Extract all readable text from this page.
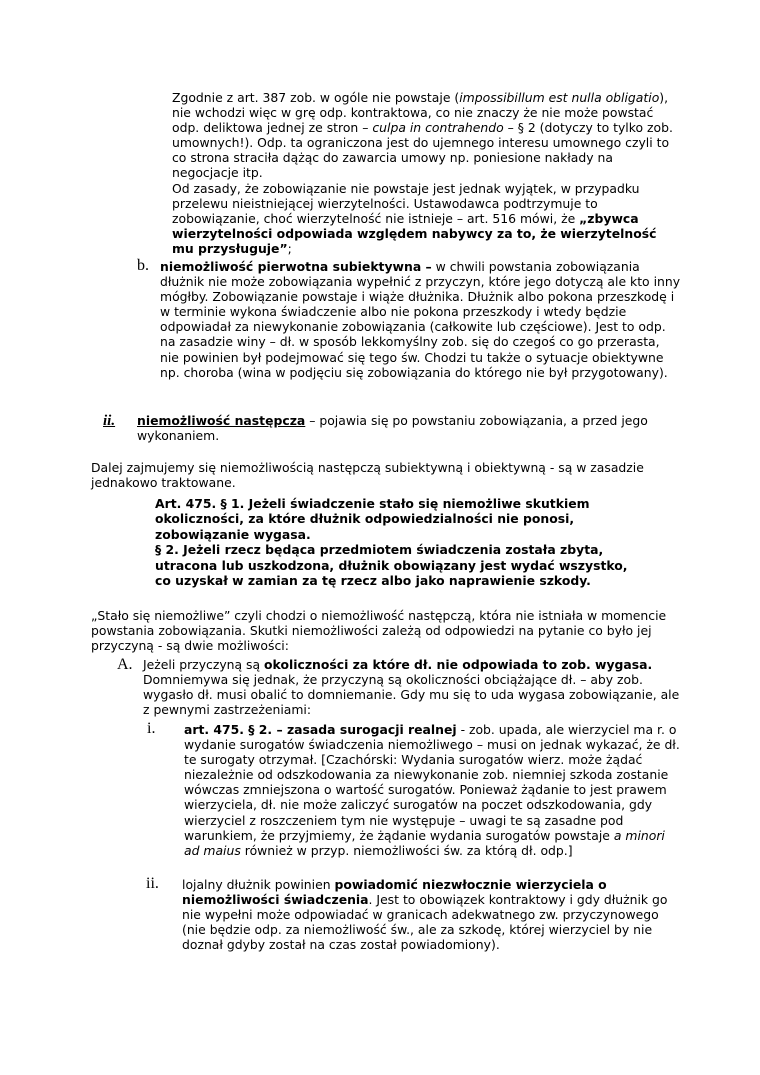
Zgodnie z art. 387 zob. w ogóle nie powstaje (impossibillum est nulla obligatio), nie wchodzi więc w grę odp. kontraktowa, co nie znaczy że nie może powstać odp. deliktowa jednej ze stron – culpa in contrahendo – § 2 (dotyczy to tylko zob. umownych!). Odp. ta ograniczona jest do ujemnego interesu umownego czyli to co strona straciła dążąc do zawarcia umowy np. poniesione nakłady na negocjacje itp.

Od zasady, że zobowiązanie nie powstaje jest jednak wyjątek, w przypadku przelewu nieistniejącej wierzytelności. Ustawodawca podtrzymuje to zobowiązanie, choć wierzytelność nie istnieje – art. 516 mówi, że „zbywca wierzytelności odpowiada względem nabywcy za to, że wierzytelność mu przysługuje”;

b. niemożliwość pierwotna subiektywna – w chwili powstania zobowiązania dłużnik nie może zobowiązania wypełnić z przyczyn, które jego dotyczą ale kto inny mógłby. Zobowiązanie powstaje i wiąże dłużnika. Dłużnik albo pokona przeszkodę i w terminie wykona świadczenie albo nie pokona przeszkody i wtedy będzie odpowiadał za niewykonanie zobowiązania (całkowite lub częściowe). Jest to odp. na zasadzie winy – dł. w sposób lekkomyślny zob. się do czegoś co go przerasta, nie powinien był podejmować się tego św. Chodzi tu także o sytuacje obiektywne np. choroba (wina w podjęciu się zobowiązania do którego nie był przygotowany).

ii. niemożliwość następcza – pojawia się po powstaniu zobowiązania, a przed jego wykonaniem.

Dalej zajmujemy się niemożliwością następczą subiektywną i obiektywną - są w zasadzie jednakowo traktowane.

Art. 475. § 1. Jeżeli świadczenie stało się niemożliwe skutkiem okoliczności, za które dłużnik odpowiedzialności nie ponosi, zobowiązanie wygasa.

§ 2. Jeżeli rzecz będąca przedmiotem świadczenia została zbyta, utracona lub uszkodzona, dłużnik obowiązany jest wydać wszystko, co uzyskał w zamian za tę rzecz albo jako naprawienie szkody.

„Stało się niemożliwe” czyli chodzi o niemożliwość następczą, która nie istniała w momencie powstania zobowiązania. Skutki niemożliwości zależą od odpowiedzi na pytanie co było jej przyczyną - są dwie możliwości:

A. Jeżeli przyczyną są okoliczności za które dł. nie odpowiada to zob. wygasa.

Domniemywa się jednak, że przyczyną są okoliczności obciążające dł. – aby zob. wygasło dł. musi obalić to domniemanie. Gdy mu się to uda wygasa zobowiązanie, ale z pewnymi zastrzeżeniami:

i. art. 475. § 2. – zasada surogacji realnej - zob. upada, ale wierzyciel ma r. o wydanie surogatów świadczenia niemożliwego – musi on jednak wykazać, że dł. te surogaty otrzymał. [Czachórski: Wydania surogatów wierz. może żądać niezależnie od odszkodowania za niewykonanie zob. niemniej szkoda zostanie wówczas zmniejszona o wartość surogatów. Ponieważ żądanie to jest prawem wierzyciela, dł. nie może zaliczyć surogatów na poczet odszkodowania, gdy wierzyciel z roszczeniem tym nie występuje – uwagi te są zasadne pod warunkiem, że przyjmiemy, że żądanie wydania surogatów powstaje a minori ad maius również w przyp. niemożliwości św. za którą dł. odp.]

ii. lojalny dłużnik powinien powiadomić niezwłocznie wierzyciela o niemożliwości świadczenia. Jest to obowiązek kontraktowy i gdy dłużnik go nie wypełni może odpowiadać w granicach adekwatnego zw. przyczynowego (nie będzie odp. za niemożliwość św., ale za szkodę, której wierzyciel by nie doznał gdyby został na czas został powiadomiony).
